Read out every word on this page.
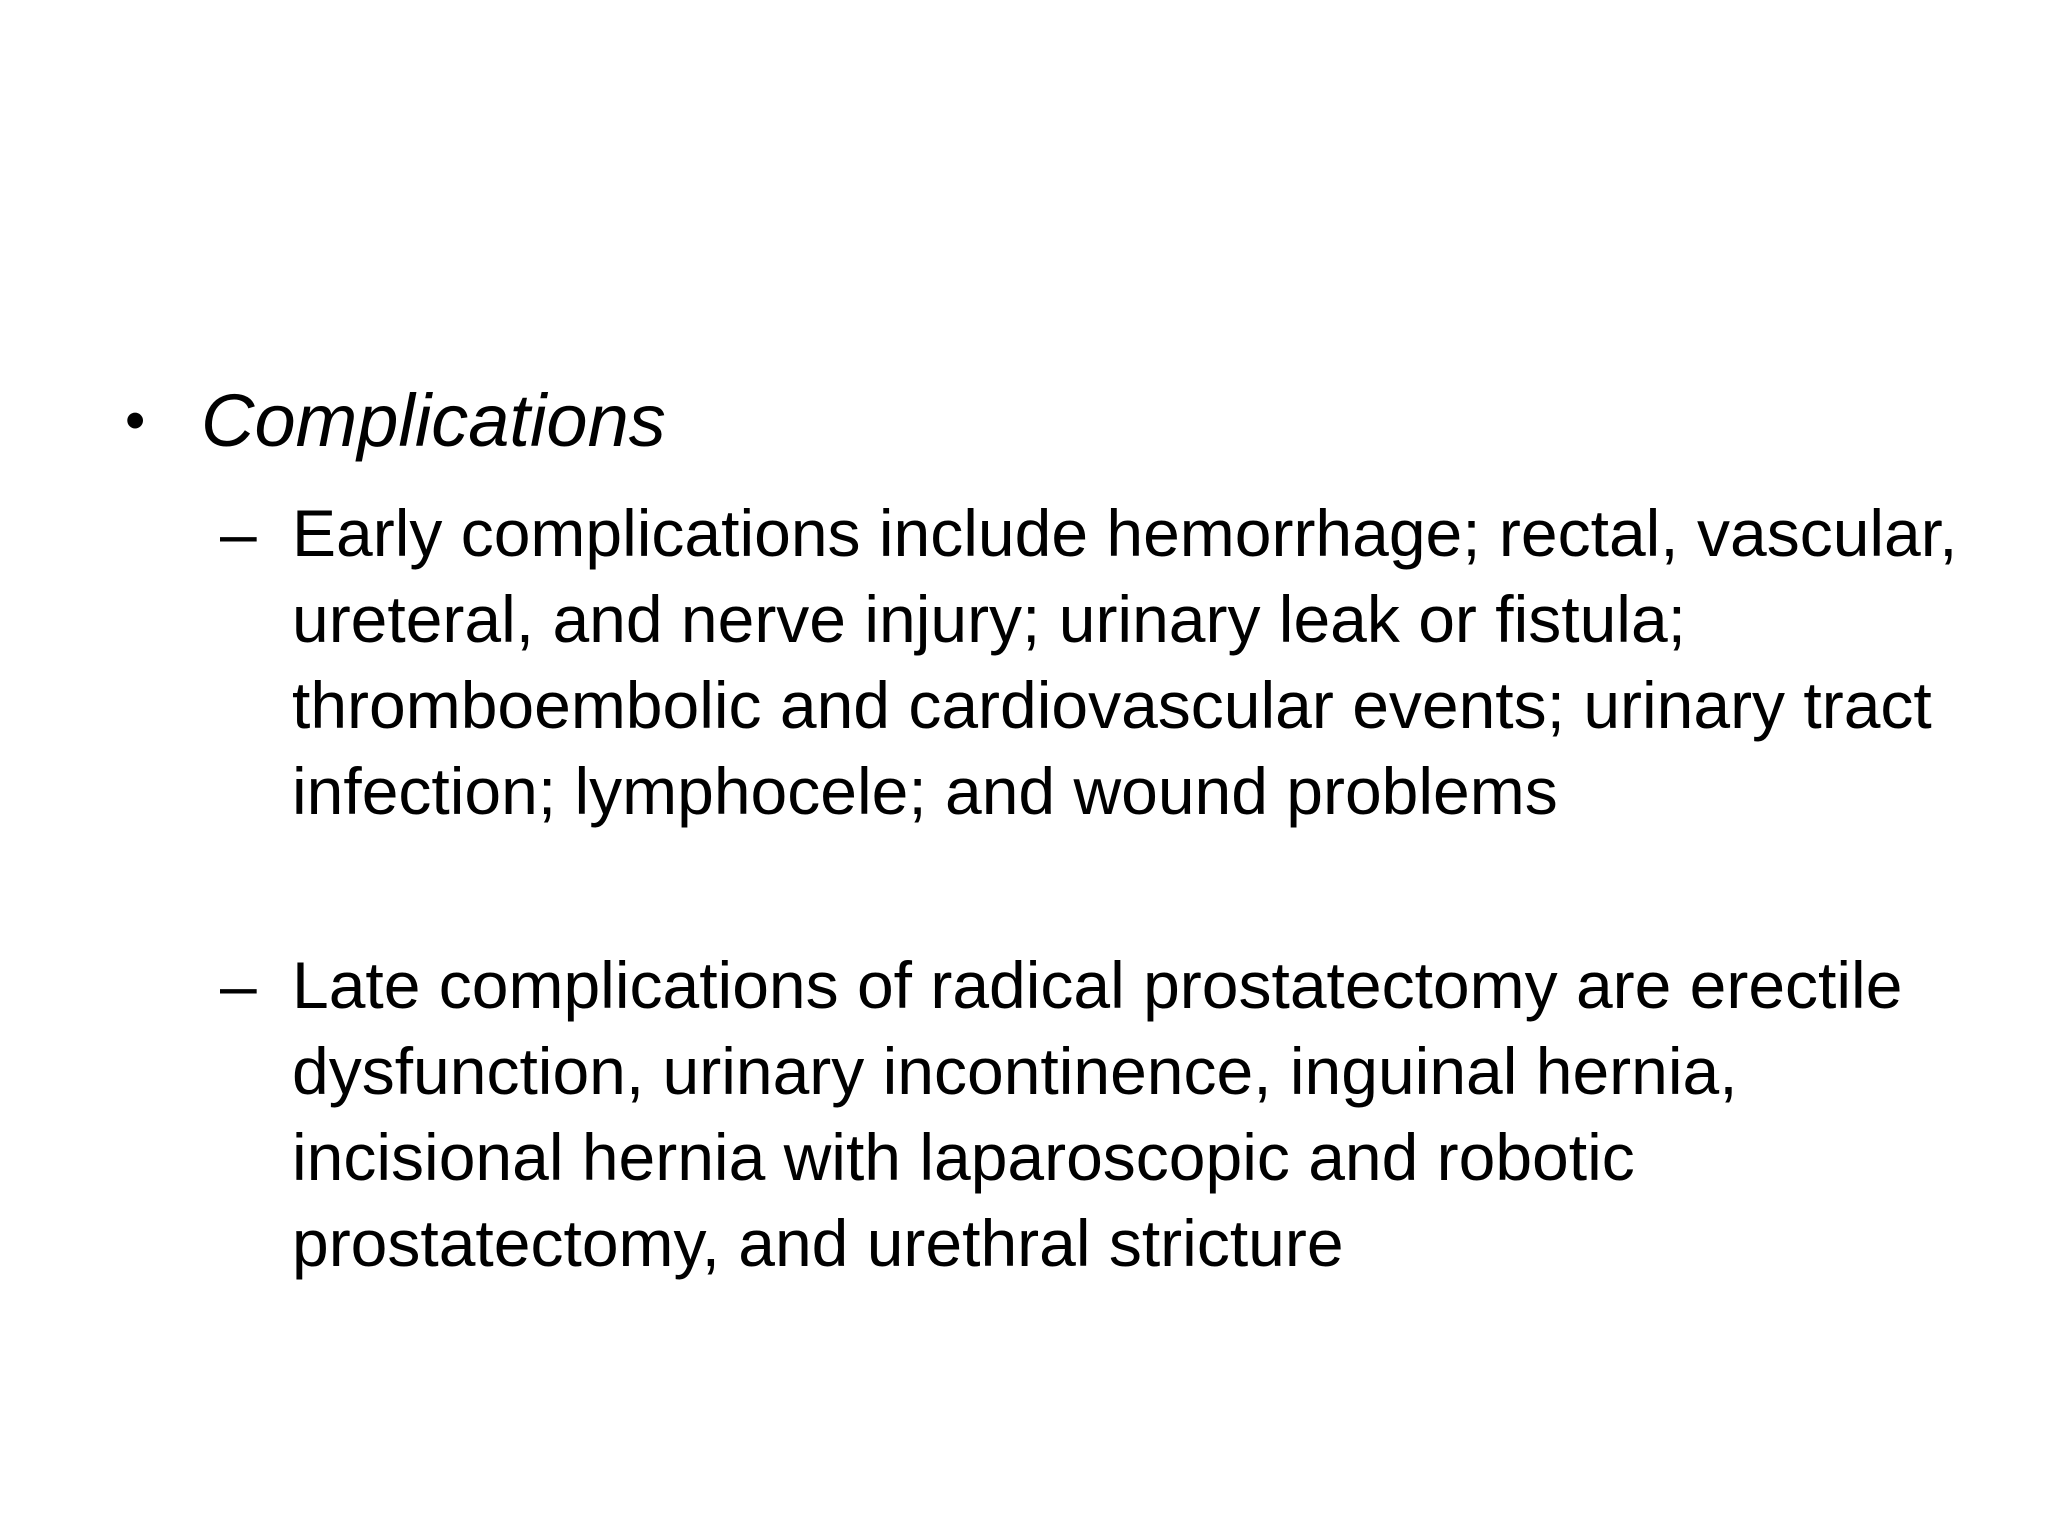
• Complications
– Early complications include hemorrhage; rectal, vascular, ureteral, and nerve injury; urinary leak or fistula; thromboembolic and cardiovascular events; urinary tract infection; lymphocele; and wound problems
– Late complications of radical prostatectomy are erectile dysfunction, urinary incontinence, inguinal hernia, incisional hernia with laparoscopic and robotic prostatectomy, and urethral stricture
